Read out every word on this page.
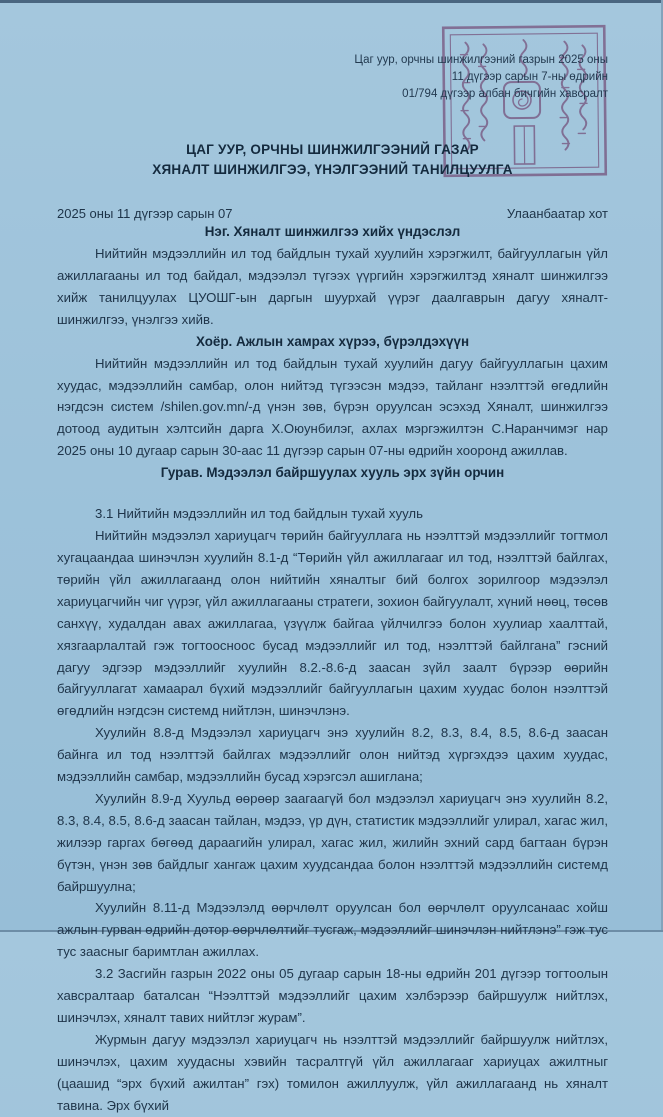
Цаг уур, орчны шинжилгээний газрын 2025 оны
11 дүгээр сарын 7-ны өдрийн
01/794 дүгээр албан бичгийн хавсралт
ЦАГ УУР, ОРЧНЫ ШИНЖИЛГЭЭНИЙ ГАЗАР
ХЯНАЛТ ШИНЖИЛГЭЭ, ҮНЭЛГЭЭНИЙ ТАНИЛЦУУЛГА
2025 оны 11 дүгээр сарын 07	Улаанбаатар хот
Нэг. Хяналт шинжилгээ хийх үндэслэл

Нийтийн мэдээллийн ил тод байдлын тухай хуулийн хэрэгжилт, байгууллагын үйл ажиллагааны ил тод байдал, мэдээлэл түгээх үүргийн хэрэгжилтэд хяналт шинжилгээ хийж танилцуулах ЦУОШГ-ын даргын шуурхай үүрэг даалгаврын дагуу хяналт-шинжилгээ, үнэлгээ хийв.

Хоёр. Ажлын хамрах хүрээ, бүрэлдэхүүн

Нийтийн мэдээллийн ил тод байдлын тухай хуулийн дагуу байгууллагын цахим хуудас, мэдээллийн самбар, олон нийтэд түгээсэн мэдээ, тайланг нээлттэй өгөдлийн нэгдсэн систем /shilen.gov.mn/-д үнэн зөв, бүрэн оруулсан эсэхэд Хяналт, шинжилгээ дотоод аудитын хэлтсийн дарга Х.Оюунбилэг, ахлах мэргэжилтэн С.Наранчимэг нар 2025 оны 10 дугаар сарын 30-аас 11 дүгээр сарын 07-ны өдрийн хооронд ажиллав.

Гурав. Мэдээлэл байршуулах хууль эрх зүйн орчин

3.1 Нийтийн мэдээллийн ил тод байдлын тухай хууль

Нийтийн мэдээлэл хариуцагч төрийн байгууллага нь нээлттэй мэдээллийг тогтмол хугацаандаа шинэчлэн хуулийн 8.1-д “Төрийн үйл ажиллагааг ил тод, нээлттэй байлгах, төрийн үйл ажиллагаанд олон нийтийн хяналтыг бий болгох зорилгоор мэдээлэл хариуцагчийн чиг үүрэг, үйл ажиллагааны стратеги, зохион байгуулалт, хүний нөөц, төсөв санхүү, худалдан авах ажиллагаа, үзүүлж байгаа үйлчилгээ болон хуулиар хаалттай, хязгаарлалтай гэж тогтоосноос бусад мэдээллийг ил тод, нээлттэй байлгана” гэсний дагуу эдгээр мэдээллийг хуулийн 8.2.-8.6-д заасан зүйл заалт бүрээр өөрийн байгууллагат хамаарал бүхий мэдээллийг байгууллагын цахим хуудас болон нээлттэй өгөдлийн нэгдсэн системд нийтлэн, шинэчлэнэ.

Хуулийн 8.8-д Мэдээлэл хариуцагч энэ хуулийн 8.2, 8.3, 8.4, 8.5, 8.6-д заасан байнга ил тод нээлттэй байлгах мэдээллийг олон нийтэд хүргэхдээ цахим хуудас, мэдээллийн самбар, мэдээллийн бусад хэрэгсэл ашиглана;

Хуулийн 8.9-д Хуульд өөрөөр заагаагүй бол мэдээлэл хариуцагч энэ хуулийн 8.2, 8.3, 8.4, 8.5, 8.6-д заасан тайлан, мэдээ, үр дүн, статистик мэдээллийг улирал, хагас жил, жилээр гаргах бөгөөд дараагийн улирал, хагас жил, жилийн эхний сард багтаан бүрэн бүтэн, үнэн зөв байдлыг хангаж цахим хуудсандаа болон нээлттэй мэдээллийн системд байршуулна;

Хуулийн 8.11-д Мэдээлэлд өөрчлөлт оруулсан бол өөрчлөлт оруулсанаас хойш ажлын гурван өдрийн дотор өөрчлөлтийг тусгаж, мэдээллийг шинэчлэн нийтлэнэ” гэж тус тус заасныг баримтлан ажиллах.

3.2 Засгийн газрын 2022 оны 05 дугаар сарын 18-ны өдрийн 201 дүгээр тогтоолын хавсралтаар баталсан “Нээлттэй мэдээллийг цахим хэлбэрээр байршуулж нийтлэх, шинэчлэх, хяналт тавих нийтлэг журам”.

Журмын дагуу мэдээлэл хариуцагч нь нээлттэй мэдээллийг байршуулж нийтлэх, шинэчлэх, цахим хуудасны хэвийн тасралтгүй үйл ажиллагааг хариуцах ажилтныг (цаашид “эрх бүхий ажилтан” гэх) томилон ажиллуулж, үйл ажиллагаанд нь хяналт тавина. Эрх бүхий
